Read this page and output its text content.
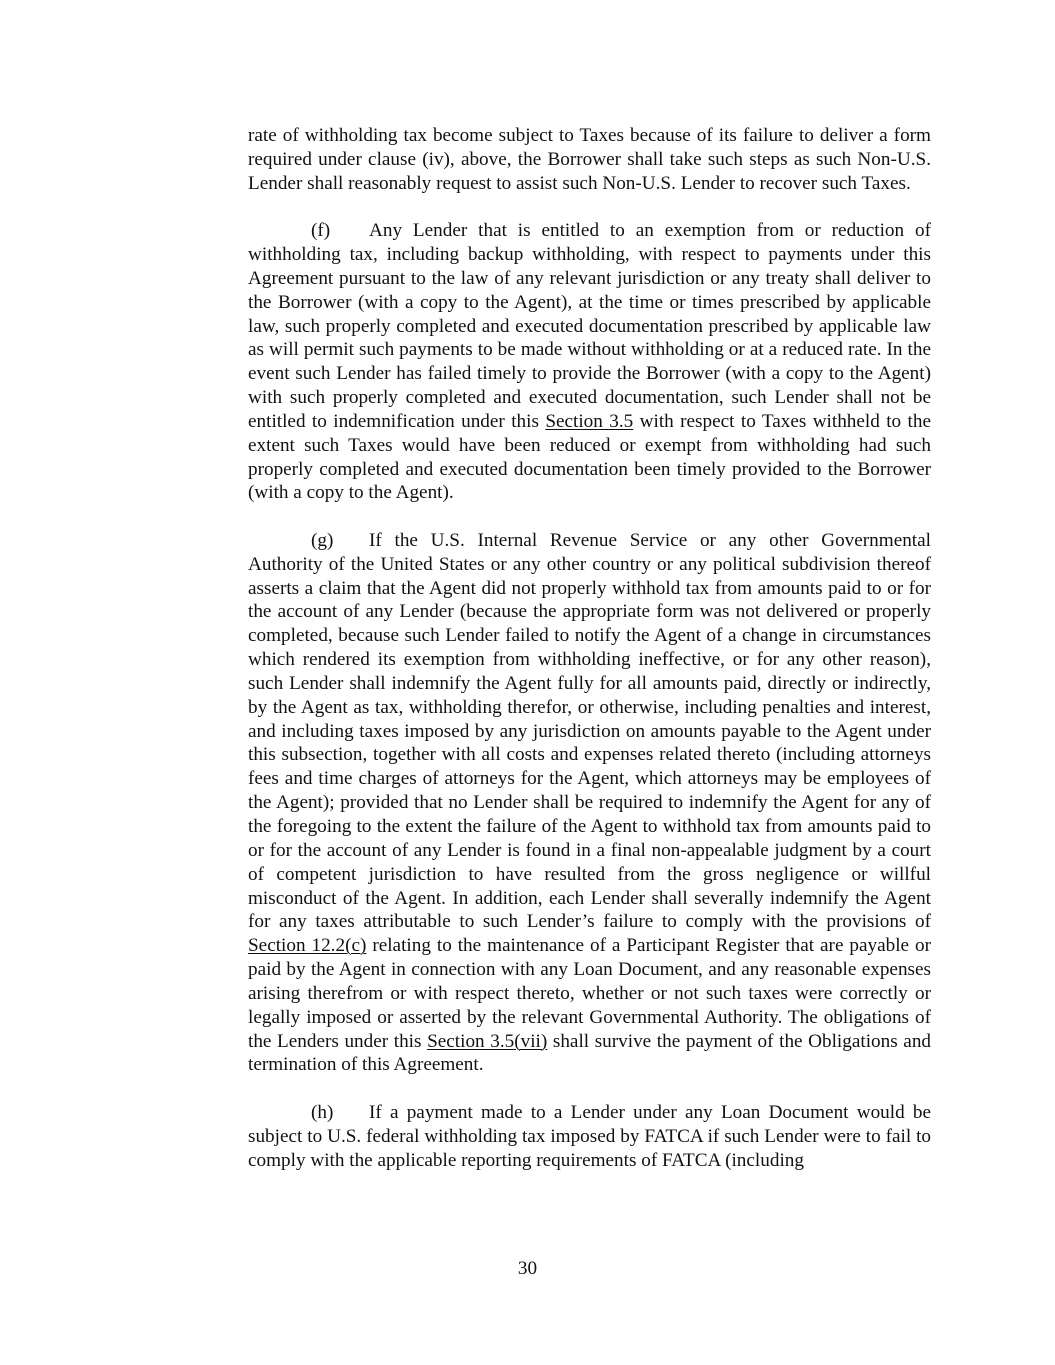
rate of withholding tax become subject to Taxes because of its failure to deliver a form required under clause (iv), above, the Borrower shall take such steps as such Non-U.S. Lender shall reasonably request to assist such Non-U.S. Lender to recover such Taxes.

(f) Any Lender that is entitled to an exemption from or reduction of withholding tax, including backup withholding, with respect to payments under this Agreement pursuant to the law of any relevant jurisdiction or any treaty shall deliver to the Borrower (with a copy to the Agent), at the time or times prescribed by applicable law, such properly completed and executed documentation prescribed by applicable law as will permit such payments to be made without withholding or at a reduced rate. In the event such Lender has failed timely to provide the Borrower (with a copy to the Agent) with such properly completed and executed documentation, such Lender shall not be entitled to indemnification under this Section 3.5 with respect to Taxes withheld to the extent such Taxes would have been reduced or exempt from withholding had such properly completed and executed documentation been timely provided to the Borrower (with a copy to the Agent).

(g) If the U.S. Internal Revenue Service or any other Governmental Authority of the United States or any other country or any political subdivision thereof asserts a claim that the Agent did not properly withhold tax from amounts paid to or for the account of any Lender (because the appropriate form was not delivered or properly completed, because such Lender failed to notify the Agent of a change in circumstances which rendered its exemption from withholding ineffective, or for any other reason), such Lender shall indemnify the Agent fully for all amounts paid, directly or indirectly, by the Agent as tax, withholding therefor, or otherwise, including penalties and interest, and including taxes imposed by any jurisdiction on amounts payable to the Agent under this subsection, together with all costs and expenses related thereto (including attorneys fees and time charges of attorneys for the Agent, which attorneys may be employees of the Agent); provided that no Lender shall be required to indemnify the Agent for any of the foregoing to the extent the failure of the Agent to withhold tax from amounts paid to or for the account of any Lender is found in a final non-appealable judgment by a court of competent jurisdiction to have resulted from the gross negligence or willful misconduct of the Agent. In addition, each Lender shall severally indemnify the Agent for any taxes attributable to such Lender’s failure to comply with the provisions of Section 12.2(c) relating to the maintenance of a Participant Register that are payable or paid by the Agent in connection with any Loan Document, and any reasonable expenses arising therefrom or with respect thereto, whether or not such taxes were correctly or legally imposed or asserted by the relevant Governmental Authority. The obligations of the Lenders under this Section 3.5(vii) shall survive the payment of the Obligations and termination of this Agreement.

(h) If a payment made to a Lender under any Loan Document would be subject to U.S. federal withholding tax imposed by FATCA if such Lender were to fail to comply with the applicable reporting requirements of FATCA (including

30
